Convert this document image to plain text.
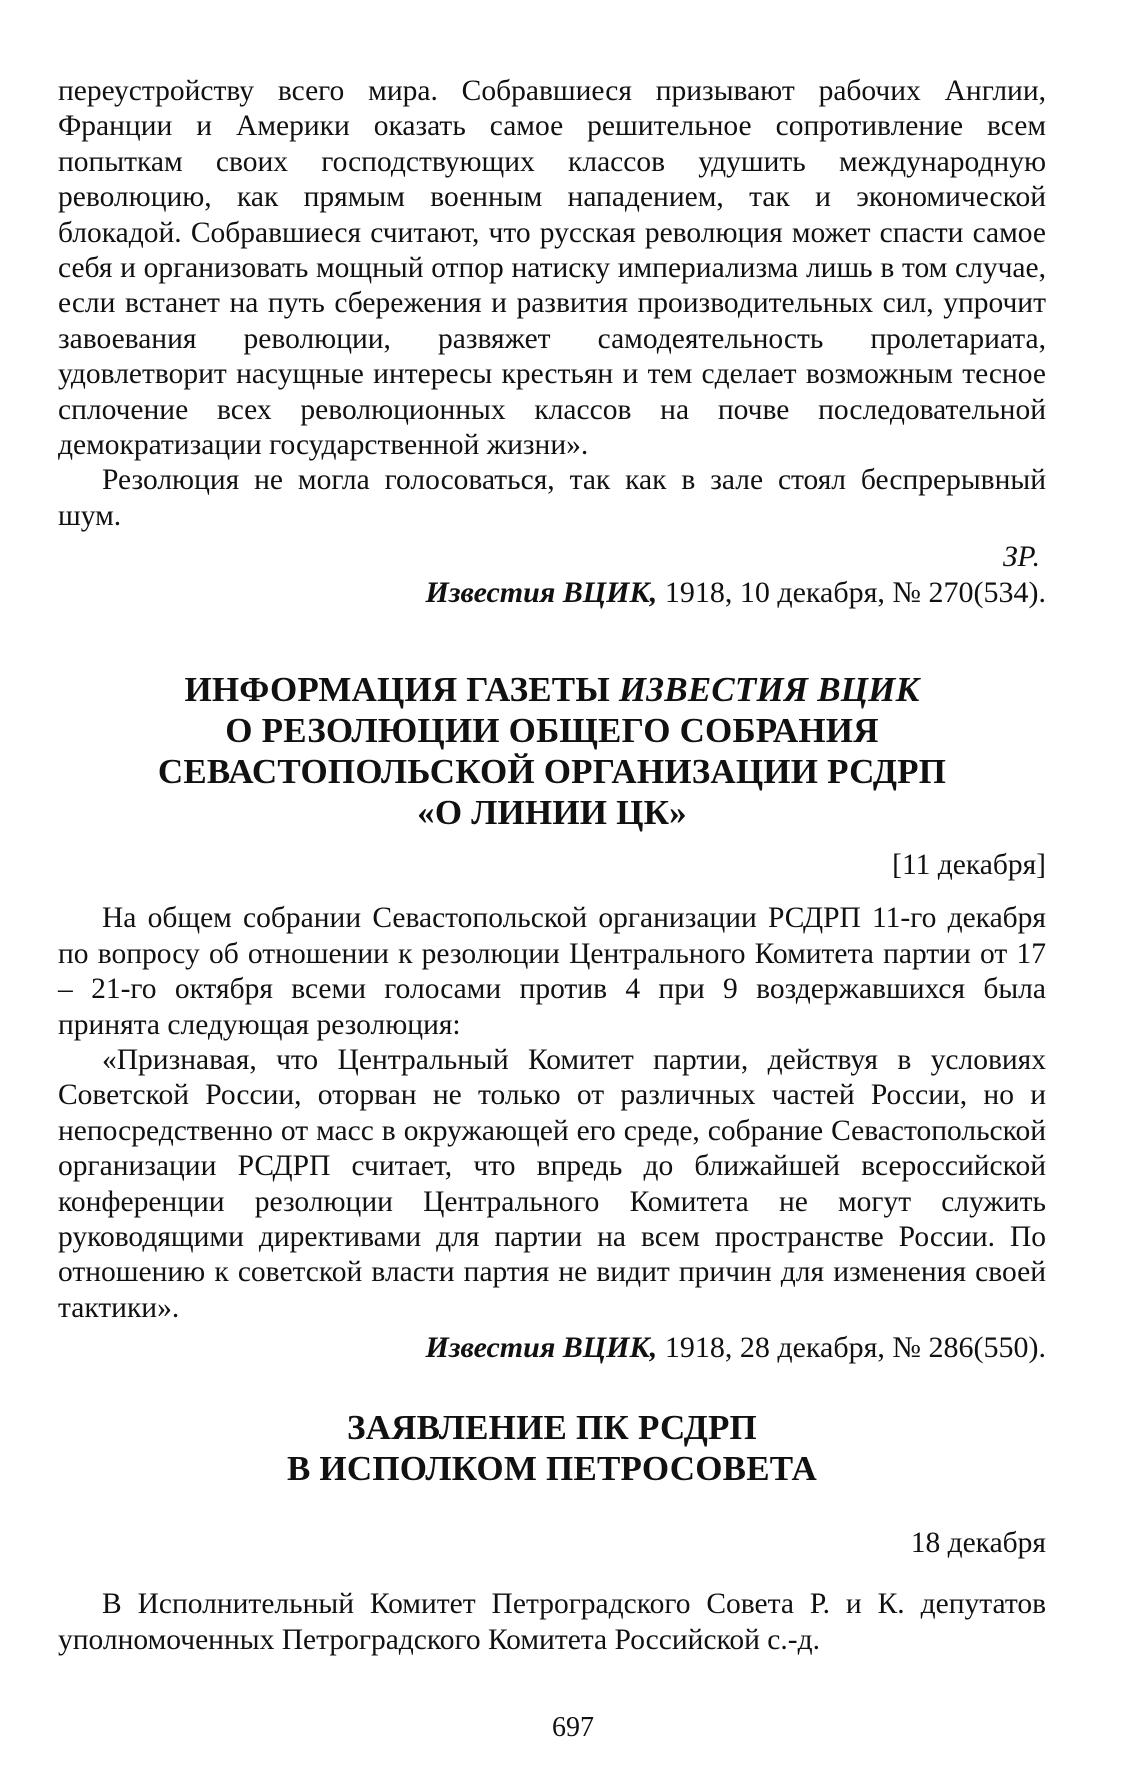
переустройству всего мира. Собравшиеся призывают рабочих Англии, Франции и Америки оказать самое решительное сопротивление всем попыткам своих господствующих классов удушить международную революцию, как прямым военным нападением, так и экономической блокадой. Собравшиеся считают, что русская революция может спасти самое себя и организовать мощный отпор натиску империализма лишь в том случае, если встанет на путь сбережения и развития производительных сил, упрочит завоевания революции, развяжет самодеятельность пролетариата, удовлетворит насущные интересы крестьян и тем сделает возможным тесное сплочение всех революционных классов на почве последовательной демократизации государственной жизни».

Резолюция не могла голосоваться, так как в зале стоял беспрерывный шум.

ЗР.

Известия ВЦИК, 1918, 10 декабря, № 270(534).

ИНФОРМАЦИЯ ГАЗЕТЫ ИЗВЕСТИЯ ВЦИК
О РЕЗОЛЮЦИИ ОБЩЕГО СОБРАНИЯ
СЕВАСТОПОЛЬСКОЙ ОРГАНИЗАЦИИ РСДРП
«О ЛИНИИ ЦК»

[11 декабря]

На общем собрании Севастопольской организации РСДРП 11-го декабря по вопросу об отношении к резолюции Центрального Комитета партии от 17 – 21-го октября всеми голосами против 4 при 9 воздержавшихся была принята следующая резолюция:

«Признавая, что Центральный Комитет партии, действуя в условиях Советской России, оторван не только от различных частей России, но и непосредственно от масс в окружающей его среде, собрание Севастопольской организации РСДРП считает, что впредь до ближайшей всероссийской конференции резолюции Центрального Комитета не могут служить руководящими директивами для партии на всем пространстве России. По отношению к советской власти партия не видит причин для изменения своей тактики».

Известия ВЦИК, 1918, 28 декабря, № 286(550).

ЗАЯВЛЕНИЕ ПК РСДРП
В ИСПОЛКОМ ПЕТРОСОВЕТА

18 декабря

В Исполнительный Комитет Петроградского Совета Р. и К. депутатов уполномоченных Петроградского Комитета Российской с.-д.

697
